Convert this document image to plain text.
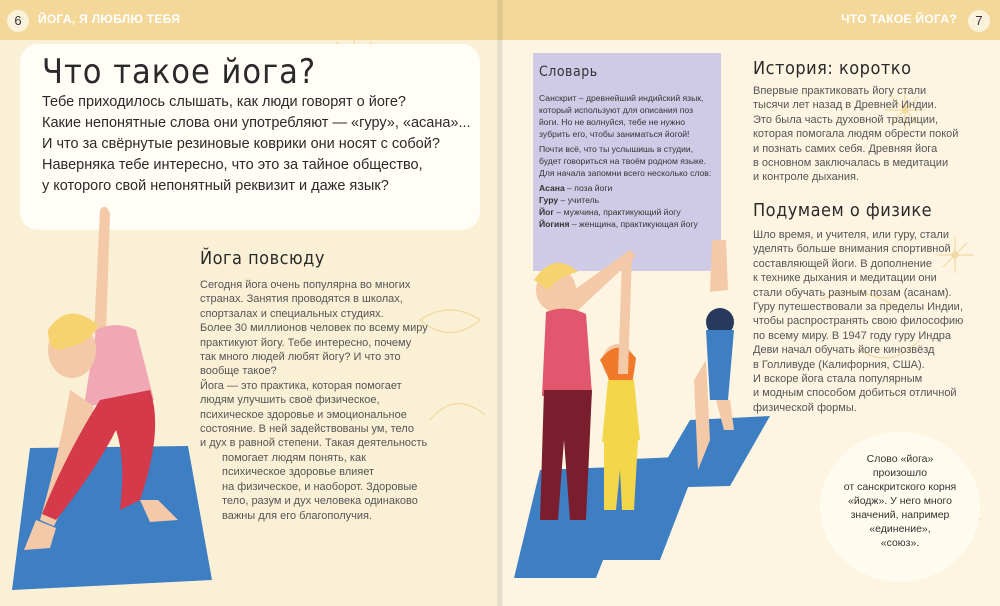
6	ЙОГА, Я ЛЮБЛЮ ТЕБЯ	ЧТО ТАКОЕ ЙОГА?	7
Что такое йога?
Тебе приходилось слышать, как люди говорят о йоге?
Какие непонятные слова они употребляют — «гуру», «асана»...
И что за свёрнутые резиновые коврики они носят с собой?
Наверняка тебе интересно, что это за тайное общество,
у которого свой непонятный реквизит и даже язык?
Йога повсюду
Сегодня йога очень популярна во многих
странах. Занятия проводятся в школах,
спортзалах и специальных студиях.
Более 30 миллионов человек по всему миру
практикуют йогу. Тебе интересно, почему
так много людей любят йогу? И что это
вообще такое?
Йога — это практика, которая помогает
людям улучшить своё физическое,
психическое здоровье и эмоциональное
состояние. В ней задействованы ум, тело
и дух в равной степени. Такая деятельность
помогает людям понять, как
психическое здоровье влияет
на физическое, и наоборот. Здоровые
тело, разум и дух человека одинаково
важны для его благополучия.
Словарь
Санскрит – древнейший индийский язык,
который используют для описания поз
йоги. Но не волнуйся, тебе не нужно
зубрить его, чтобы заниматься йогой!
Почти всё, что ты услышишь в студии,
будет говориться на твоём родном языке.
Для начала запомни всего несколько слов:
Асана – поза йоги
Гуру – учитель
Йог – мужчина, практикующий йогу
Йогиня – женщина, практикующая йогу
История: коротко
Впервые практиковать йогу стали
тысячи лет назад в Древней Индии.
Это была часть духовной традиции,
которая помогала людям обрести покой
и познать самих себя. Древняя йога
в основном заключалась в медитации
и контроле дыхания.
Подумаем о физике
Шло время, и учителя, или гуру, стали
уделять больше внимания спортивной
составляющей йоги. В дополнение
к технике дыхания и медитации они
стали обучать разным позам (асанам).
Гуру путешествовали за пределы Индии,
чтобы распространять свою философию
по всему миру. В 1947 году гуру Индра
Деви начал обучать йоге кинозвёзд
в Голливуде (Калифорния, США).
И вскоре йога стала популярным
и модным способом добиться отличной
физической формы.
Слово «йога»
произошло
от санскритского корня
«йодж». У него много
значений, например
«единение»,
«союз».
